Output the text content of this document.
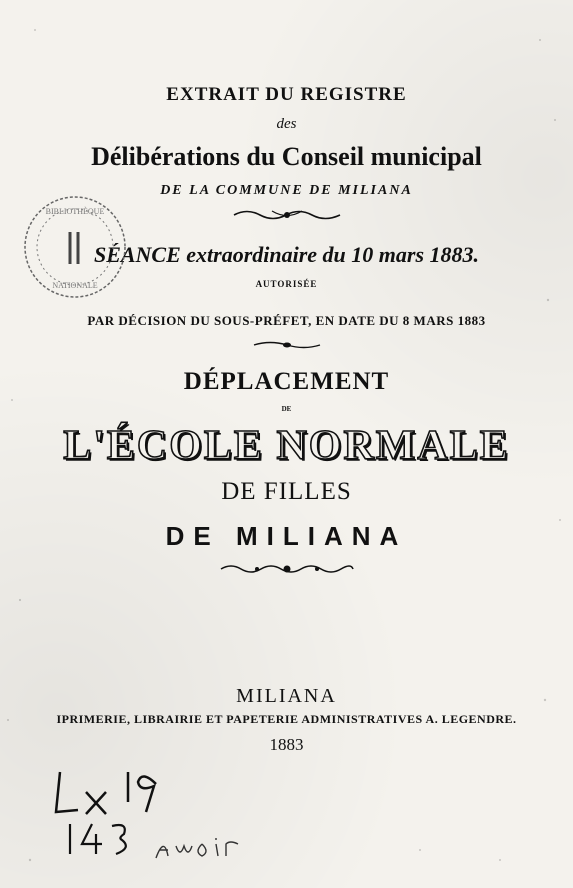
EXTRAIT DU REGISTRE
des
Délibérations du Conseil municipal
DE LA COMMUNE DE MILIANA
SÉANCE extraordinaire du 10 mars 1883.
AUTORISÉE
PAR DÉCISION DU SOUS-PRÉFET, EN DATE DU 8 MARS 1883
DÉPLACEMENT
DE
L'ÉCOLE NORMALE
DE FILLES
DE MILIANA
MILIANA
IPRIMERIE, LIBRAIRIE ET PAPETERIE ADMINISTRATIVES A. LEGENDRE.
1883
BIBLIOTHÈQUE
NATIONALE
